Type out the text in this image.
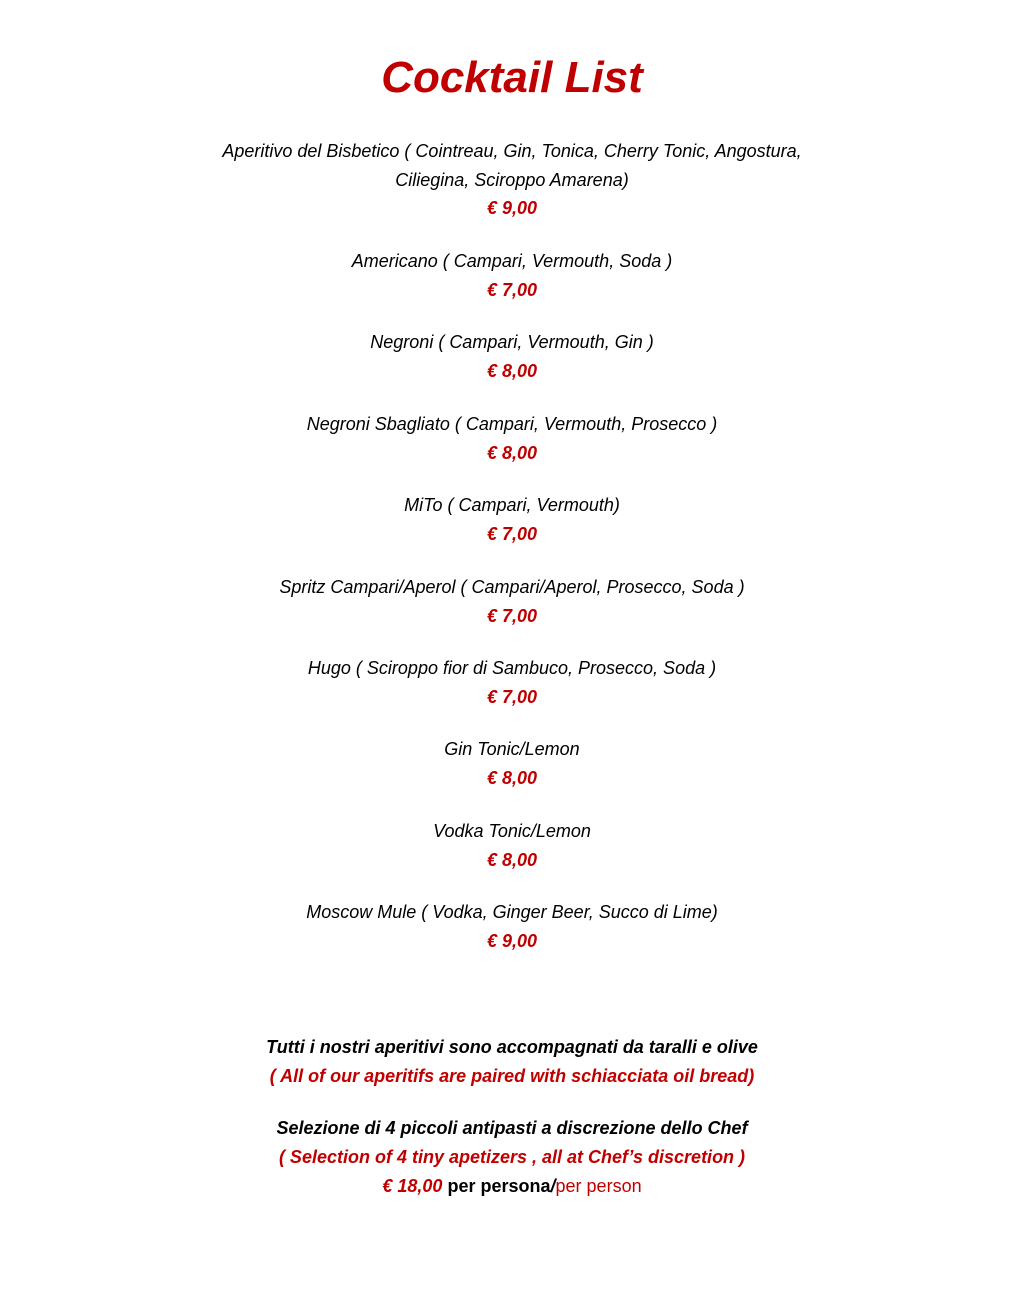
Cocktail List
Aperitivo del Bisbetico ( Cointreau, Gin, Tonica, Cherry Tonic, Angostura,
Ciliegina, Sciroppo Amarena)
€ 9,00
Americano ( Campari, Vermouth, Soda )
€ 7,00
Negroni ( Campari, Vermouth, Gin )
€ 8,00
Negroni Sbagliato ( Campari, Vermouth, Prosecco )
€ 8,00
MiTo ( Campari, Vermouth)
€ 7,00
Spritz Campari/Aperol ( Campari/Aperol, Prosecco, Soda )
€ 7,00
Hugo ( Sciroppo fior di Sambuco, Prosecco, Soda )
€ 7,00
Gin Tonic/Lemon
€ 8,00
Vodka Tonic/Lemon
€ 8,00
Moscow Mule ( Vodka, Ginger Beer, Succo di Lime)
€ 9,00
Tutti i nostri aperitivi sono accompagnati da taralli e olive
( All of our aperitifs are paired with schiacciata oil bread)
Selezione di 4 piccoli antipasti a discrezione dello Chef
( Selection of 4 tiny apetizers , all at Chef’s discretion )
€ 18,00 per persona/per person
